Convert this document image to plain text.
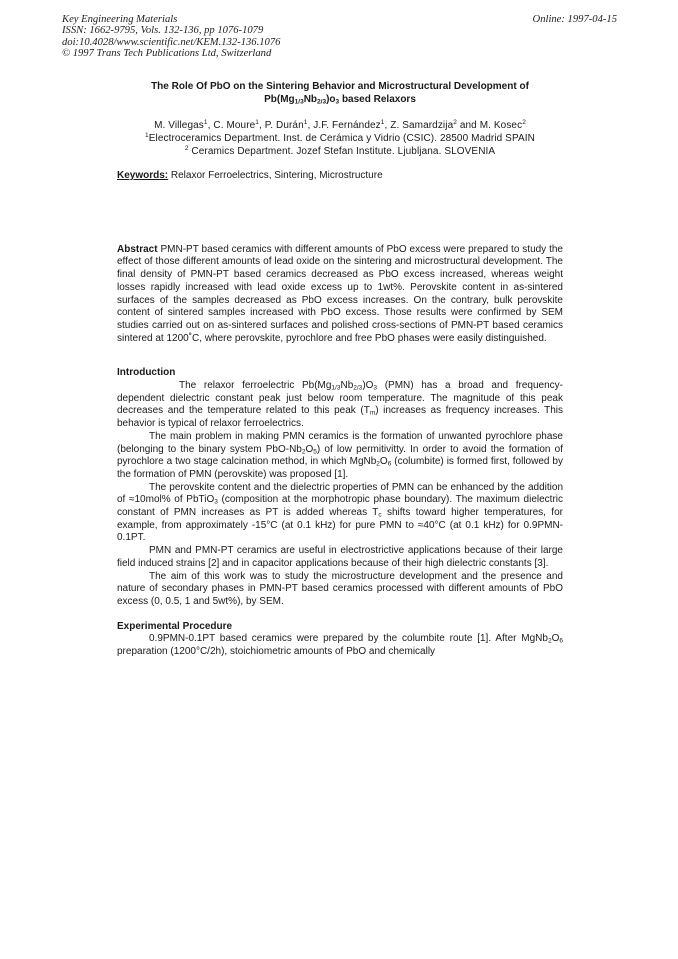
Key Engineering Materials
ISSN: 1662-9795, Vols. 132-136, pp 1076-1079
doi:10.4028/www.scientific.net/KEM.132-136.1076
© 1997 Trans Tech Publications Ltd, Switzerland
Online: 1997-04-15
The Role Of PbO on the Sintering Behavior and Microstructural Development of
$Pb(Mg_{1/3}Nb_{2/3})o_3$ based Relaxors
M. Villegas$^1$, C. Moure$^1$, P. Durán$^1$, J.F. Fernández$^1$, Z. Samardzija$^2$ and M. Kosec$^2$
$^1$Electroceramics Department. Inst. de Cerámica y Vidrio (CSIC). 28500 Madrid SPAIN
$^2$ Ceramics Department. Jozef Stefan Institute. Ljubljana. SLOVENIA
Keywords: Relaxor Ferroelectrics, Sintering, Microstructure
Abstract PMN-PT based ceramics with different amounts of PbO excess were prepared to study the effect of those different amounts of lead oxide on the sintering and microstructural development. The final density of PMN-PT based ceramics decreased as PbO excess increased, whereas weight losses rapidly increased with lead oxide excess up to 1wt%. Perovskite content in as-sintered surfaces of the samples decreased as PbO excess increases. On the contrary, bulk perovskite content of sintered samples increased with PbO excess. Those results were confirmed by SEM studies carried out on as-sintered surfaces and polished cross-sections of PMN-PT based ceramics sintered at 1200˚C, where perovskite, pyrochlore and free PbO phases were easily distinguished.
Introduction

The relaxor ferroelectric $Pb(Mg_{1/3}Nb_{2/3})O_3$ (PMN) has a broad and frequency-dependent dielectric constant peak just below room temperature. The magnitude of this peak decreases and the temperature related to this peak $(T_m)$ increases as frequency increases. This behavior is typical of relaxor ferroelectrics.

The main problem in making PMN ceramics is the formation of unwanted pyrochlore phase (belonging to the binary system PbO-$Nb_2O_5$) of low permitivitty. In order to avoid the formation of pyrochlore a two stage calcination method, in which $MgNb_2O_6$ (columbite) is formed first, followed by the formation of PMN (perovskite) was proposed [1].

The perovskite content and the dielectric properties of PMN can be enhanced by the addition of ≈10mol% of PbTiO$_3$ (composition at the morphotropic phase boundary). The maximum dielectric constant of PMN increases as PT is added whereas $T_c$ shifts toward higher temperatures, for example, from approximately -15°C (at 0.1 kHz) for pure PMN to ≈40°C (at 0.1 kHz) for 0.9PMN-0.1PT.

PMN and PMN-PT ceramics are useful in electrostrictive applications because of their large field induced strains [2] and in capacitor applications because of their high dielectric constants [3].

The aim of this work was to study the microstructure development and the presence and nature of secondary phases in PMN-PT based ceramics processed with different amounts of PbO excess (0, 0.5, 1 and 5wt%), by SEM.

Experimental Procedure

0.9PMN-0.1PT based ceramics were prepared by the columbite route [1]. After $MgNb_2O_6$ preparation (1200°C/2h), stoichiometric amounts of PbO and chemically
